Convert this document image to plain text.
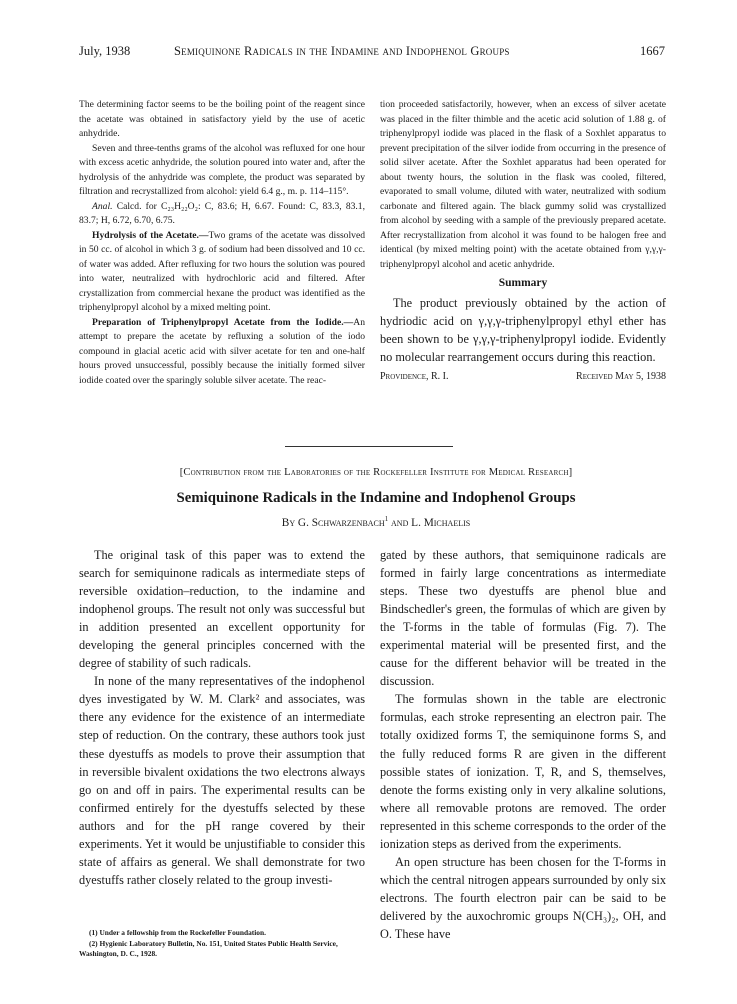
July, 1938	Semiquinone Radicals in the Indamine and Indophenol Groups	1667

The determining factor seems to be the boiling point of the reagent since the acetate was obtained in satisfactory yield by the use of acetic anhydride.

Seven and three-tenths grams of the alcohol was refluxed for one hour with excess acetic anhydride, the solution poured into water and, after the hydrolysis of the anhydride was complete, the product was separated by filtration and recrystallized from alcohol: yield 6.4 g., m. p. 114–115°.

Anal. Calcd. for C₂₃H₂₂O₂: C, 83.6; H, 6.67. Found: C, 83.3, 83.1, 83.7; H, 6.72, 6.70, 6.75.

Hydrolysis of the Acetate.—Two grams of the acetate was dissolved in 50 cc. of alcohol in which 3 g. of sodium had been dissolved and 10 cc. of water was added. After refluxing for two hours the solution was poured into water, neutralized with hydrochloric acid and filtered. After crystallization from commercial hexane the product was identified as the triphenylpropyl alcohol by a mixed melting point.

Preparation of Triphenylpropyl Acetate from the Iodide.—An attempt to prepare the acetate by refluxing a solution of the iodo compound in glacial acetic acid with silver acetate for ten and one-half hours proved unsuccessful, possibly because the initially formed silver iodide coated over the sparingly soluble silver acetate. The reac-

tion proceeded satisfactorily, however, when an excess of silver acetate was placed in the filter thimble and the acetic acid solution of 1.88 g. of triphenylpropyl iodide was placed in the flask of a Soxhlet apparatus to prevent precipitation of the silver iodide from occurring in the presence of solid silver acetate. After the Soxhlet apparatus had been operated for about twenty hours, the solution in the flask was cooled, filtered, evaporated to small volume, diluted with water, neutralized with sodium carbonate and filtered again. The black gummy solid was crystallized from alcohol by seeding with a sample of the previously prepared acetate. After recrystallization from alcohol it was found to be halogen free and identical (by mixed melting point) with the acetate obtained from γ,γ,γ-triphenylpropyl alcohol and acetic anhydride.

Summary

The product previously obtained by the action of hydriodic acid on γ,γ,γ-triphenylpropyl ethyl ether has been shown to be γ,γ,γ-triphenylpropyl iodide. Evidently no molecular rearrangement occurs during this reaction.

Providence, R. I.	Received May 5, 1938
[Contribution from the Laboratories of the Rockefeller Institute for Medical Research]
Semiquinone Radicals in the Indamine and Indophenol Groups
By G. Schwarzenbach$^1$ and L. Michaelis

The original task of this paper was to extend the search for semiquinone radicals as intermediate steps of reversible oxidation–reduction, to the indamine and indophenol groups. The result not only was successful but in addition presented an excellent opportunity for developing the general principles concerned with the degree of stability of such radicals.

In none of the many representatives of the indophenol dyes investigated by W. M. Clark² and associates, was there any evidence for the existence of an intermediate step of reduction. On the contrary, these authors took just these dyestuffs as models to prove their assumption that in reversible bivalent oxidations the two electrons always go on and off in pairs. The experimental results can be confirmed entirely for the dyestuffs selected by these authors and for the pH range covered by their experiments. Yet it would be unjustifiable to consider this state of affairs as general. We shall demonstrate for two dyestuffs rather closely related to the group investi-

gated by these authors, that semiquinone radicals are formed in fairly large concentrations as intermediate steps. These two dyestuffs are phenol blue and Bindschedler's green, the formulas of which are given by the T-forms in the table of formulas (Fig. 7). The experimental material will be presented first, and the cause for the different behavior will be treated in the discussion.

The formulas shown in the table are electronic formulas, each stroke representing an electron pair. The totally oxidized forms T, the semiquinone forms S, and the fully reduced forms R are given in the different possible states of ionization. T, R, and S, themselves, denote the forms existing only in very alkaline solutions, where all removable protons are removed. The order represented in this scheme corresponds to the order of the ionization steps as derived from the experiments.

An open structure has been chosen for the T-forms in which the central nitrogen appears surrounded by only six electrons. The fourth electron pair can be said to be delivered by the auxochromic groups N(CH₃)₂, OH, and O. These have

(1) Under a fellowship from the Rockefeller Foundation.
(2) Hygienic Laboratory Bulletin, No. 151, United States Public Health Service, Washington, D. C., 1928.
